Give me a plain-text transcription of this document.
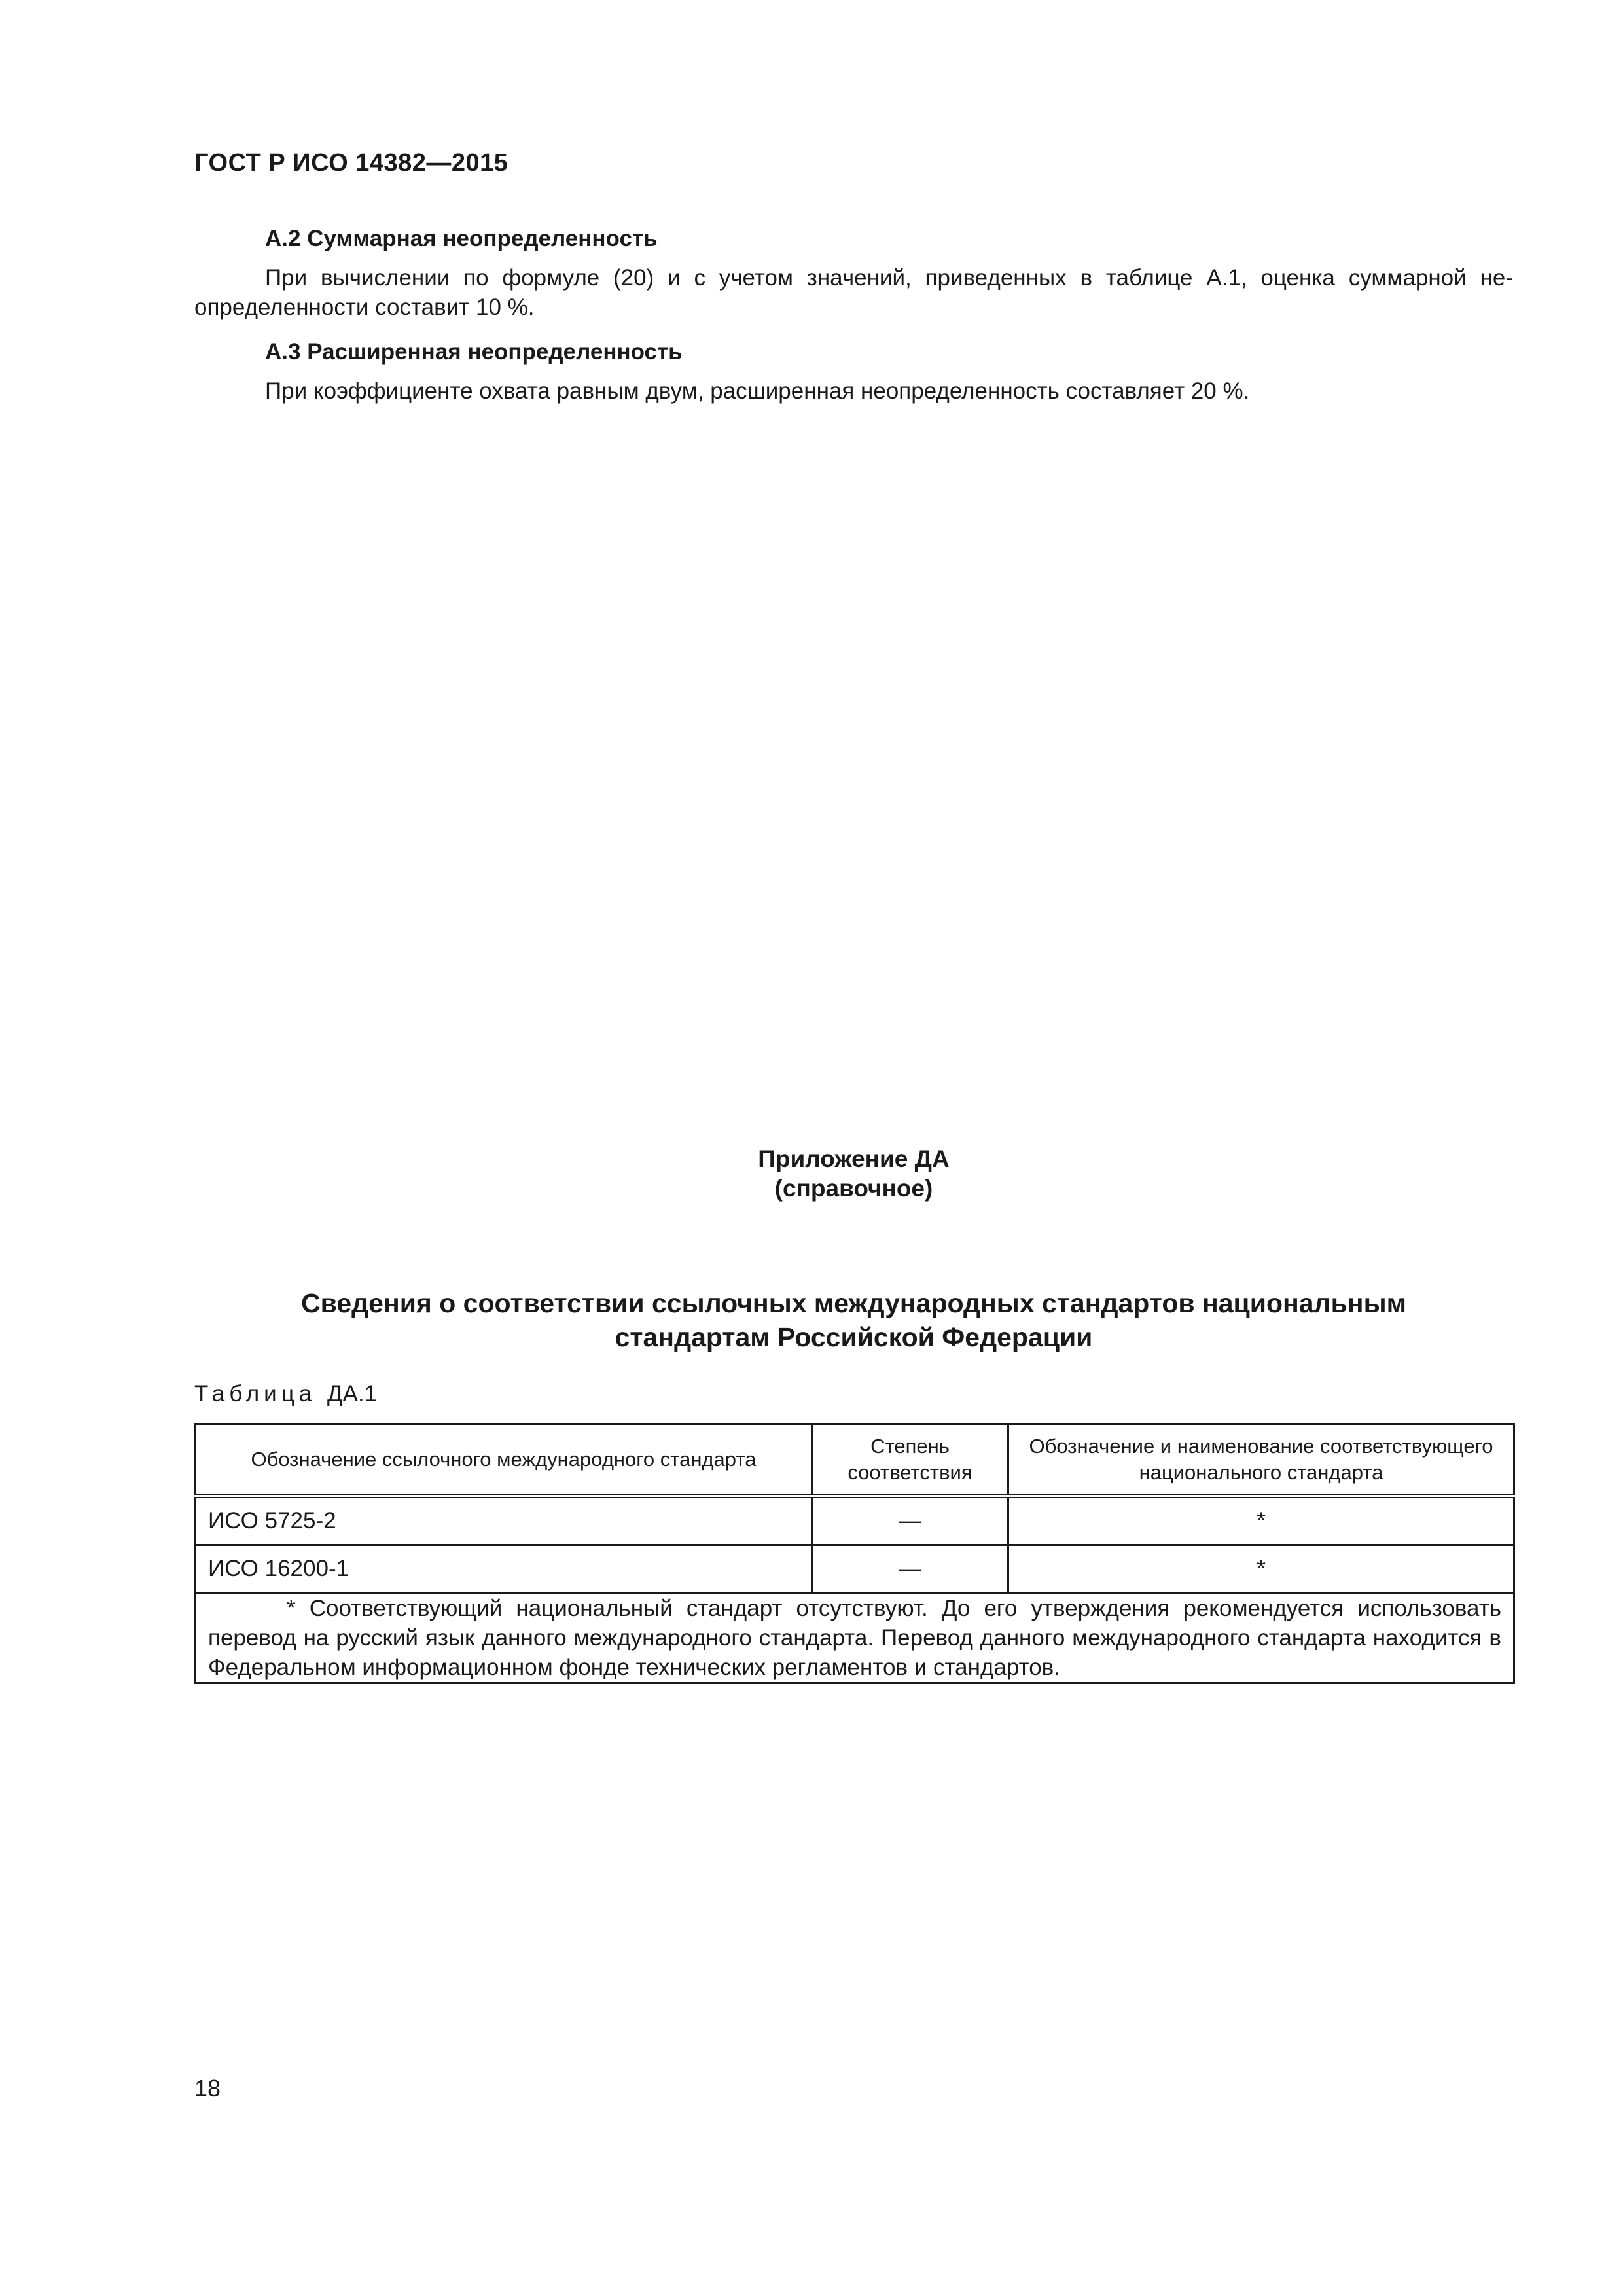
ГОСТ Р ИСО 14382—2015
А.2 Суммарная неопределенность
При вычислении по формуле (20) и с учетом значений, приведенных в таблице А.1, оценка суммарной неопределенности составит 10 %.
А.3 Расширенная неопределенность
При коэффициенте охвата равным двум, расширенная неопределенность составляет 20 %.
Приложение ДА
(справочное)
Сведения о соответствии ссылочных международных стандартов национальным
стандартам Российской Федерации
Таблица ДА.1
Обозначение ссылочного международного стандарта	Степень соответствия	Обозначение и наименование соответствующего национального стандарта
ИСО 5725-2	—	*
ИСО 16200-1	—	*
* Соответствующий национальный стандарт отсутствуют. До его утверждения рекомендуется использовать перевод на русский язык данного международного стандарта. Перевод данного международного стандарта находится в Федеральном информационном фонде технических регламентов и стандартов.		
18
